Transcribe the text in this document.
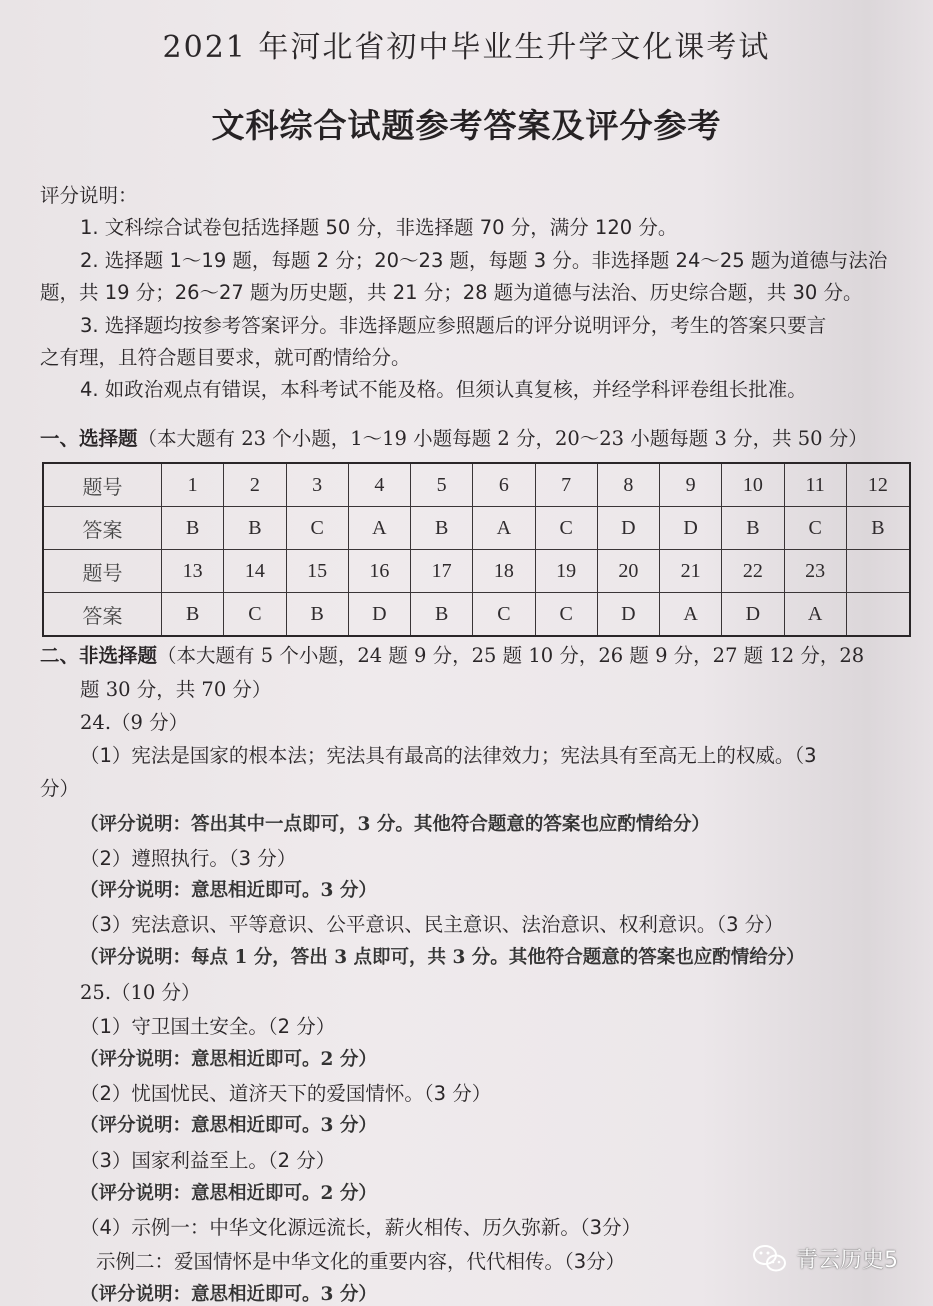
2021 年河北省初中毕业生升学文化课考试
文科综合试题参考答案及评分参考
评分说明：
1. 文科综合试卷包括选择题 50 分，非选择题 70 分，满分 120 分。
2. 选择题 1～19 题，每题 2 分；20～23 题，每题 3 分。非选择题 24～25 题为道德与法治
题，共 19 分；26～27 题为历史题，共 21 分；28 题为道德与法治、历史综合题，共 30 分。
3. 选择题均按参考答案评分。非选择题应参照题后的评分说明评分，考生的答案只要言
之有理，且符合题目要求，就可酌情给分。
4. 如政治观点有错误，本科考试不能及格。但须认真复核，并经学科评卷组长批准。
一、选择题（本大题有 23 个小题，1～19 小题每题 2 分，20～23 小题每题 3 分，共 50 分）
题号	1	2	3	4	5	6	7	8	9	10	11	12
答案	B	B	C	A	B	A	C	D	D	B	C	B
题号	13	14	15	16	17	18	19	20	21	22	23	
答案	B	C	B	D	B	C	C	D	A	D	A	
二、非选择题（本大题有 5 个小题，24 题 9 分，25 题 10 分，26 题 9 分，27 题 12 分，28
题 30 分，共 70 分）
24.（9 分）
（1）宪法是国家的根本法；宪法具有最高的法律效力；宪法具有至高无上的权威。（3
分）
（评分说明：答出其中一点即可，3 分。其他符合题意的答案也应酌情给分）
（2）遵照执行。（3 分）
（评分说明：意思相近即可。3 分）
（3）宪法意识、平等意识、公平意识、民主意识、法治意识、权利意识。（3 分）
（评分说明：每点 1 分，答出 3 点即可，共 3 分。其他符合题意的答案也应酌情给分）
25.（10 分）
（1）守卫国土安全。（2 分）
（评分说明：意思相近即可。2 分）
（2）忧国忧民、道济天下的爱国情怀。（3 分）
（评分说明：意思相近即可。3 分）
（3）国家利益至上。（2 分）
（评分说明：意思相近即可。2 分）
（4）示例一：中华文化源远流长，薪火相传、历久弥新。（3分）
示例二：爱国情怀是中华文化的重要内容，代代相传。（3分）
（评分说明：意思相近即可。3 分）
青云历史5
